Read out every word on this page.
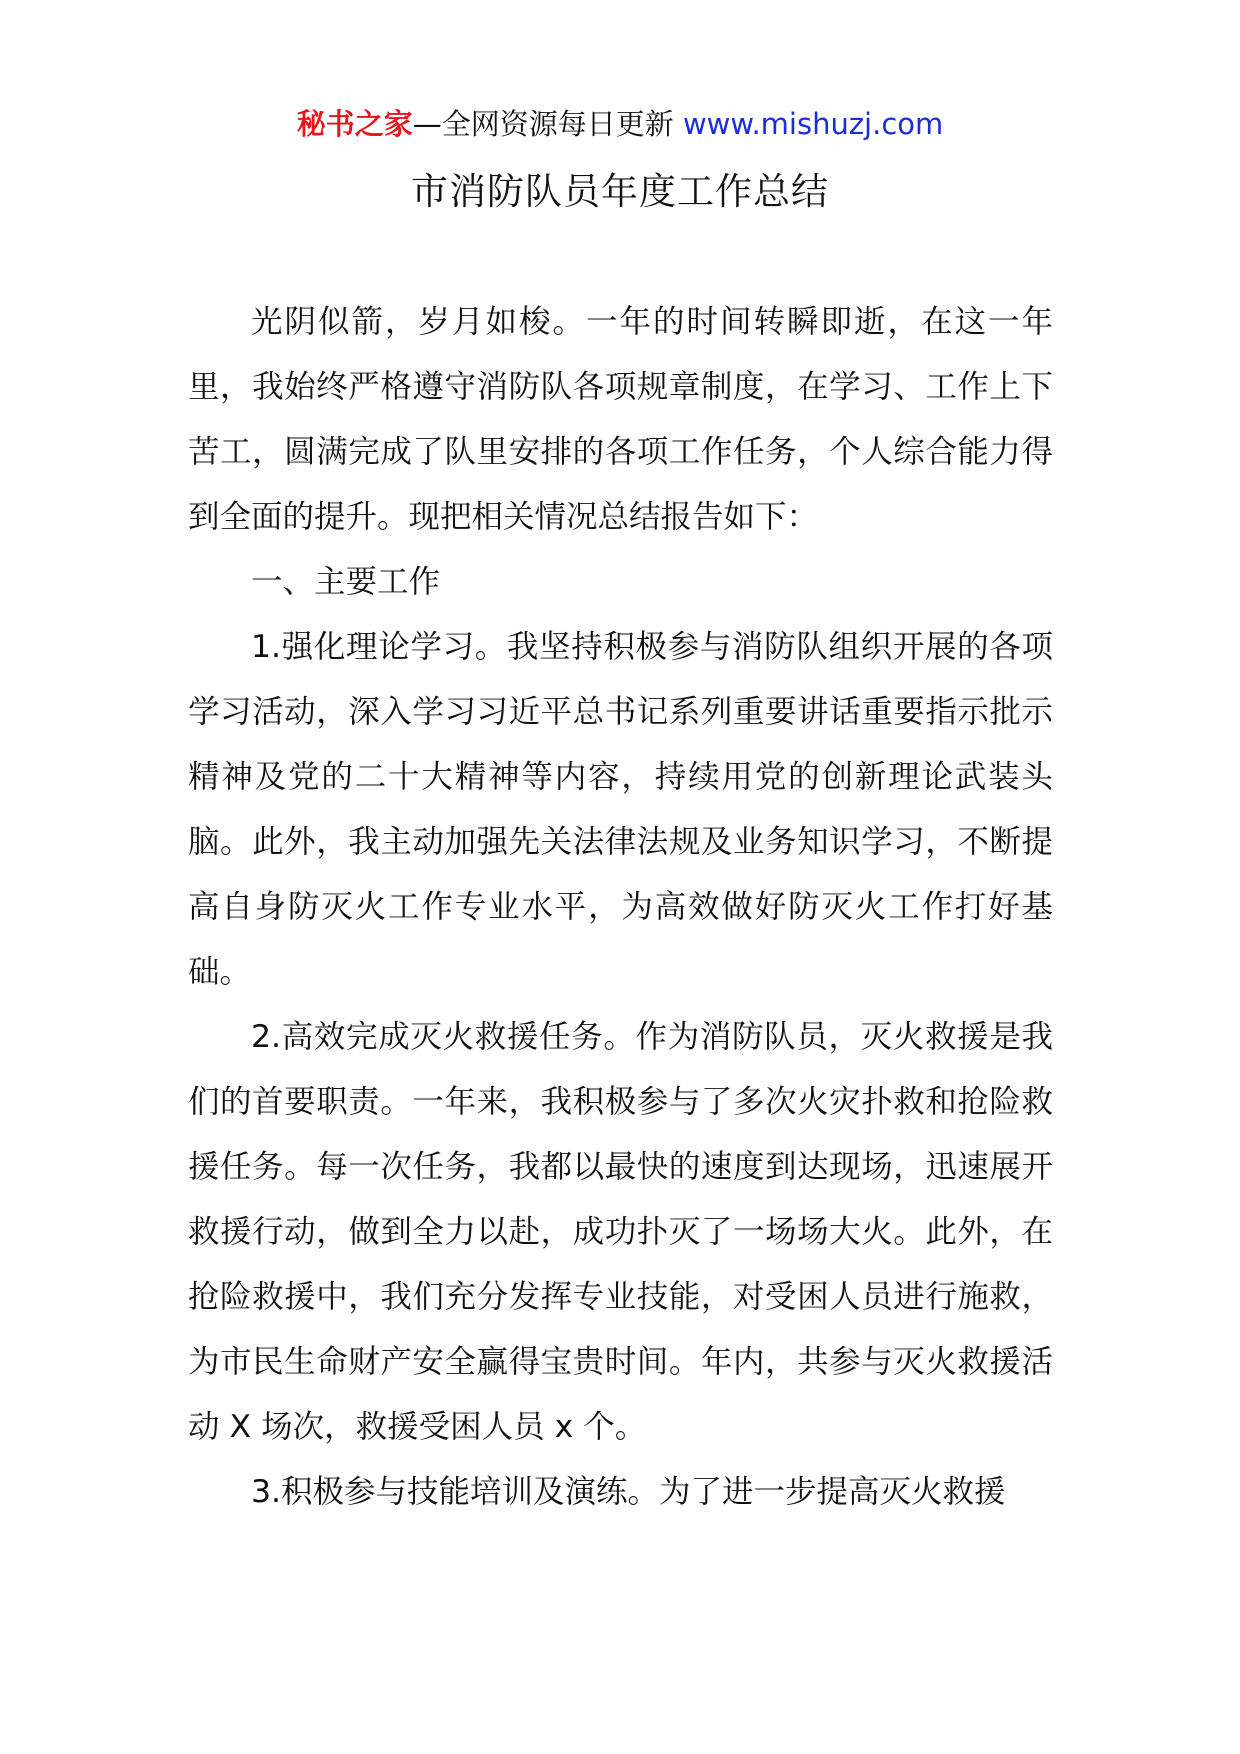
秘书之家—全网资源每日更新 www.mishuzj.com
市消防队员年度工作总结

光阴似箭，岁月如梭。一年的时间转瞬即逝，在这一年里，我始终严格遵守消防队各项规章制度，在学习、工作上下苦工，圆满完成了队里安排的各项工作任务，个人综合能力得到全面的提升。现把相关情况总结报告如下：

一、主要工作

1.强化理论学习。我坚持积极参与消防队组织开展的各项学习活动，深入学习习近平总书记系列重要讲话重要指示批示精神及党的二十大精神等内容，持续用党的创新理论武装头脑。此外，我主动加强先关法律法规及业务知识学习，不断提高自身防灭火工作专业水平，为高效做好防灭火工作打好基础。

2.高效完成灭火救援任务。作为消防队员，灭火救援是我们的首要职责。一年来，我积极参与了多次火灾扑救和抢险救援任务。每一次任务，我都以最快的速度到达现场，迅速展开救援行动，做到全力以赴，成功扑灭了一场场大火。此外，在抢险救援中，我们充分发挥专业技能，对受困人员进行施救，为市民生命财产安全赢得宝贵时间。年内，共参与灭火救援活动 X 场次，救援受困人员 x 个。

3.积极参与技能培训及演练。为了进一步提高灭火救援
